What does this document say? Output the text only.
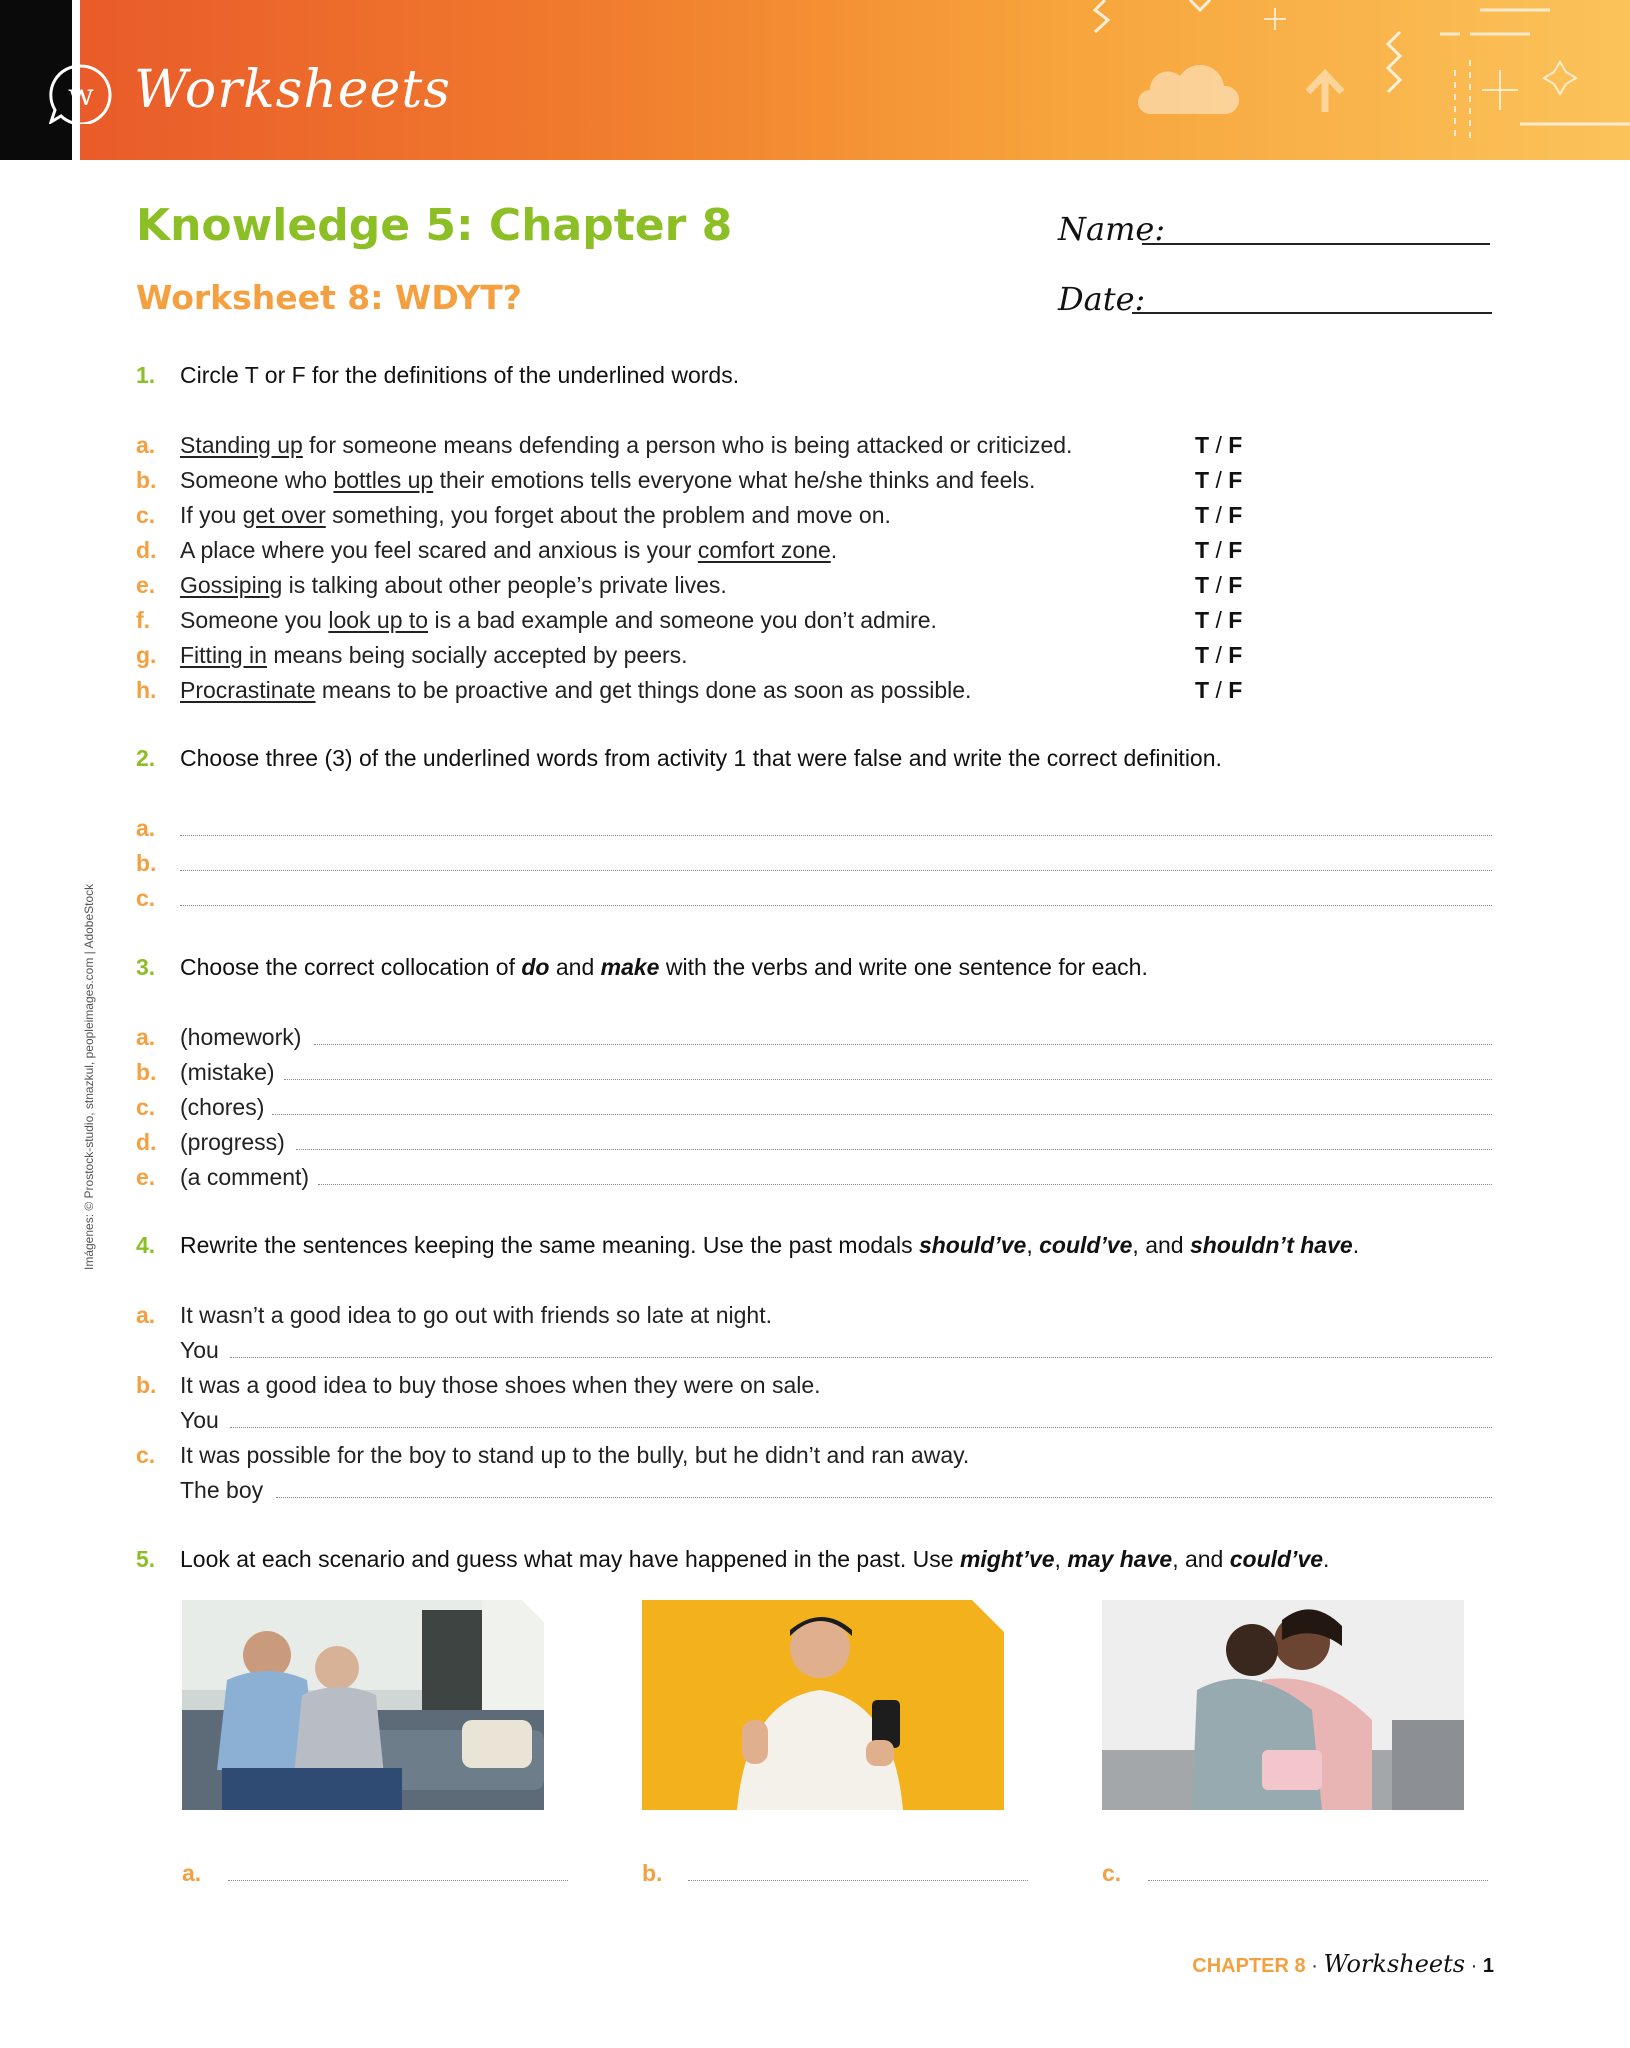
w Worksheets
Knowledge 5: Chapter 8
Worksheet 8: WDYT?
Name:
Date:
1. Circle T or F for the definitions of the underlined words.
a. Standing up for someone means defending a person who is being attacked or criticized.	T / F
b. Someone who bottles up their emotions tells everyone what he/she thinks and feels.	T / F
c. If you get over something, you forget about the problem and move on.	T / F
d. A place where you feel scared and anxious is your comfort zone.	T / F
e. Gossiping is talking about other people’s private lives.	T / F
f. Someone you look up to is a bad example and someone you don’t admire.	T / F
g. Fitting in means being socially accepted by peers.	T / F
h. Procrastinate means to be proactive and get things done as soon as possible.	T / F
2. Choose three (3) of the underlined words from activity 1 that were false and write the correct definition.
a.
b.
c.
3. Choose the correct collocation of do and make with the verbs and write one sentence for each.
a. (homework)
b. (mistake)
c. (chores)
d. (progress)
e. (a comment)
4. Rewrite the sentences keeping the same meaning. Use the past modals should’ve, could’ve, and shouldn’t have.
a. It wasn’t a good idea to go out with friends so late at night.
You
b. It was a good idea to buy those shoes when they were on sale.
You
c. It was possible for the boy to stand up to the bully, but he didn’t and ran away.
The boy
5. Look at each scenario and guess what may have happened in the past. Use might’ve, may have, and could’ve.
a.	b.	c.
Imágenes: © Prostock-studio, stnazkul, peopleimages.com | AdobeStock
CHAPTER 8 · Worksheets · 1
